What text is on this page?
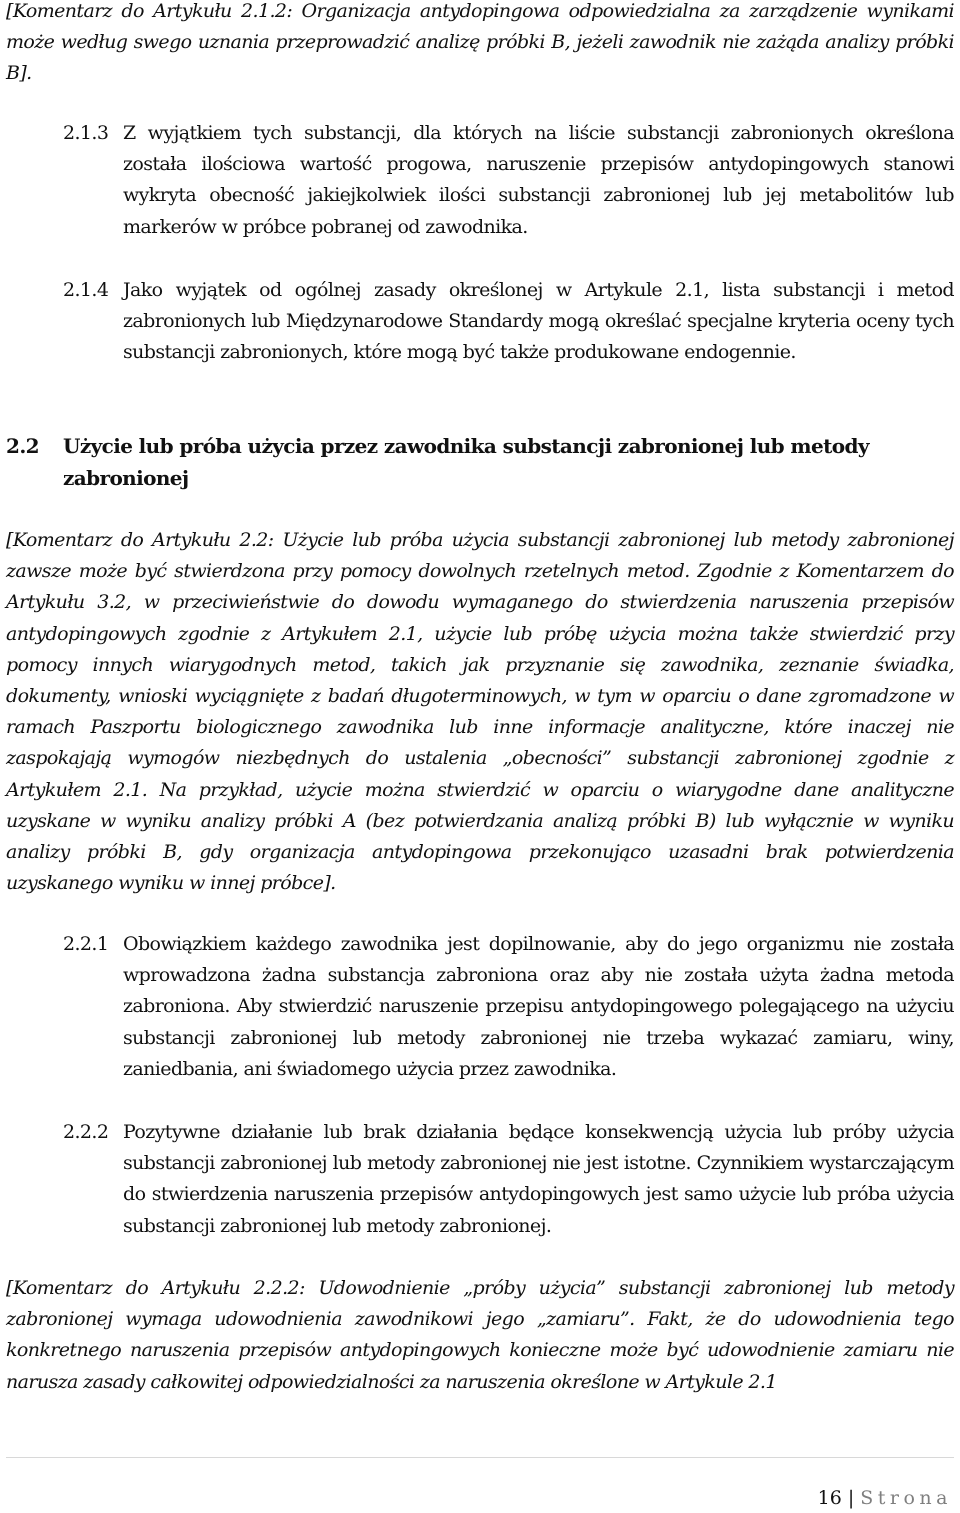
[Komentarz do Artykułu 2.1.2: Organizacja antydopingowa odpowiedzialna za zarządzenie wynikami może według swego uznania przeprowadzić analizę próbki B, jeżeli zawodnik nie zażąda analizy próbki B].

2.1.3 Z wyjątkiem tych substancji, dla których na liście substancji zabronionych określona została ilościowa wartość progowa, naruszenie przepisów antydopingowych stanowi wykryta obecność jakiejkolwiek ilości substancji zabronionej lub jej metabolitów lub markerów w próbce pobranej od zawodnika.

2.1.4 Jako wyjątek od ogólnej zasady określonej w Artykule 2.1, lista substancji i metod zabronionych lub Międzynarodowe Standardy mogą określać specjalne kryteria oceny tych substancji zabronionych, które mogą być także produkowane endogennie.

2.2 Użycie lub próba użycia przez zawodnika substancji zabronionej lub metody zabronionej

[Komentarz do Artykułu 2.2: Użycie lub próba użycia substancji zabronionej lub metody zabronionej zawsze może być stwierdzona przy pomocy dowolnych rzetelnych metod. Zgodnie z Komentarzem do Artykułu 3.2, w przeciwieństwie do dowodu wymaganego do stwierdzenia naruszenia przepisów antydopingowych zgodnie z Artykułem 2.1, użycie lub próbę użycia można także stwierdzić przy pomocy innych wiarygodnych metod, takich jak przyznanie się zawodnika, zeznanie świadka, dokumenty, wnioski wyciągnięte z badań długoterminowych, w tym w oparciu o dane zgromadzone w ramach Paszportu biologicznego zawodnika lub inne informacje analityczne, które inaczej nie zaspokajają wymogów niezbędnych do ustalenia „obecności” substancji zabronionej zgodnie z Artykułem 2.1. Na przykład, użycie można stwierdzić w oparciu o wiarygodne dane analityczne uzyskane w wyniku analizy próbki A (bez potwierdzania analizą próbki B) lub wyłącznie w wyniku analizy próbki B, gdy organizacja antydopingowa przekonująco uzasadni brak potwierdzenia uzyskanego wyniku w innej próbce].

2.2.1 Obowiązkiem każdego zawodnika jest dopilnowanie, aby do jego organizmu nie została wprowadzona żadna substancja zabroniona oraz aby nie została użyta żadna metoda zabroniona. Aby stwierdzić naruszenie przepisu antydopingowego polegającego na użyciu substancji zabronionej lub metody zabronionej nie trzeba wykazać zamiaru, winy, zaniedbania, ani świadomego użycia przez zawodnika.

2.2.2 Pozytywne działanie lub brak działania będące konsekwencją użycia lub próby użycia substancji zabronionej lub metody zabronionej nie jest istotne. Czynnikiem wystarczającym do stwierdzenia naruszenia przepisów antydopingowych jest samo użycie lub próba użycia substancji zabronionej lub metody zabronionej.

[Komentarz do Artykułu 2.2.2: Udowodnienie „próby użycia” substancji zabronionej lub metody zabronionej wymaga udowodnienia zawodnikowi jego „zamiaru”. Fakt, że do udowodnienia tego konkretnego naruszenia przepisów antydopingowych konieczne może być udowodnienie zamiaru nie narusza zasady całkowitej odpowiedzialności za naruszenia określone w Artykule 2.1

16 | Strona
